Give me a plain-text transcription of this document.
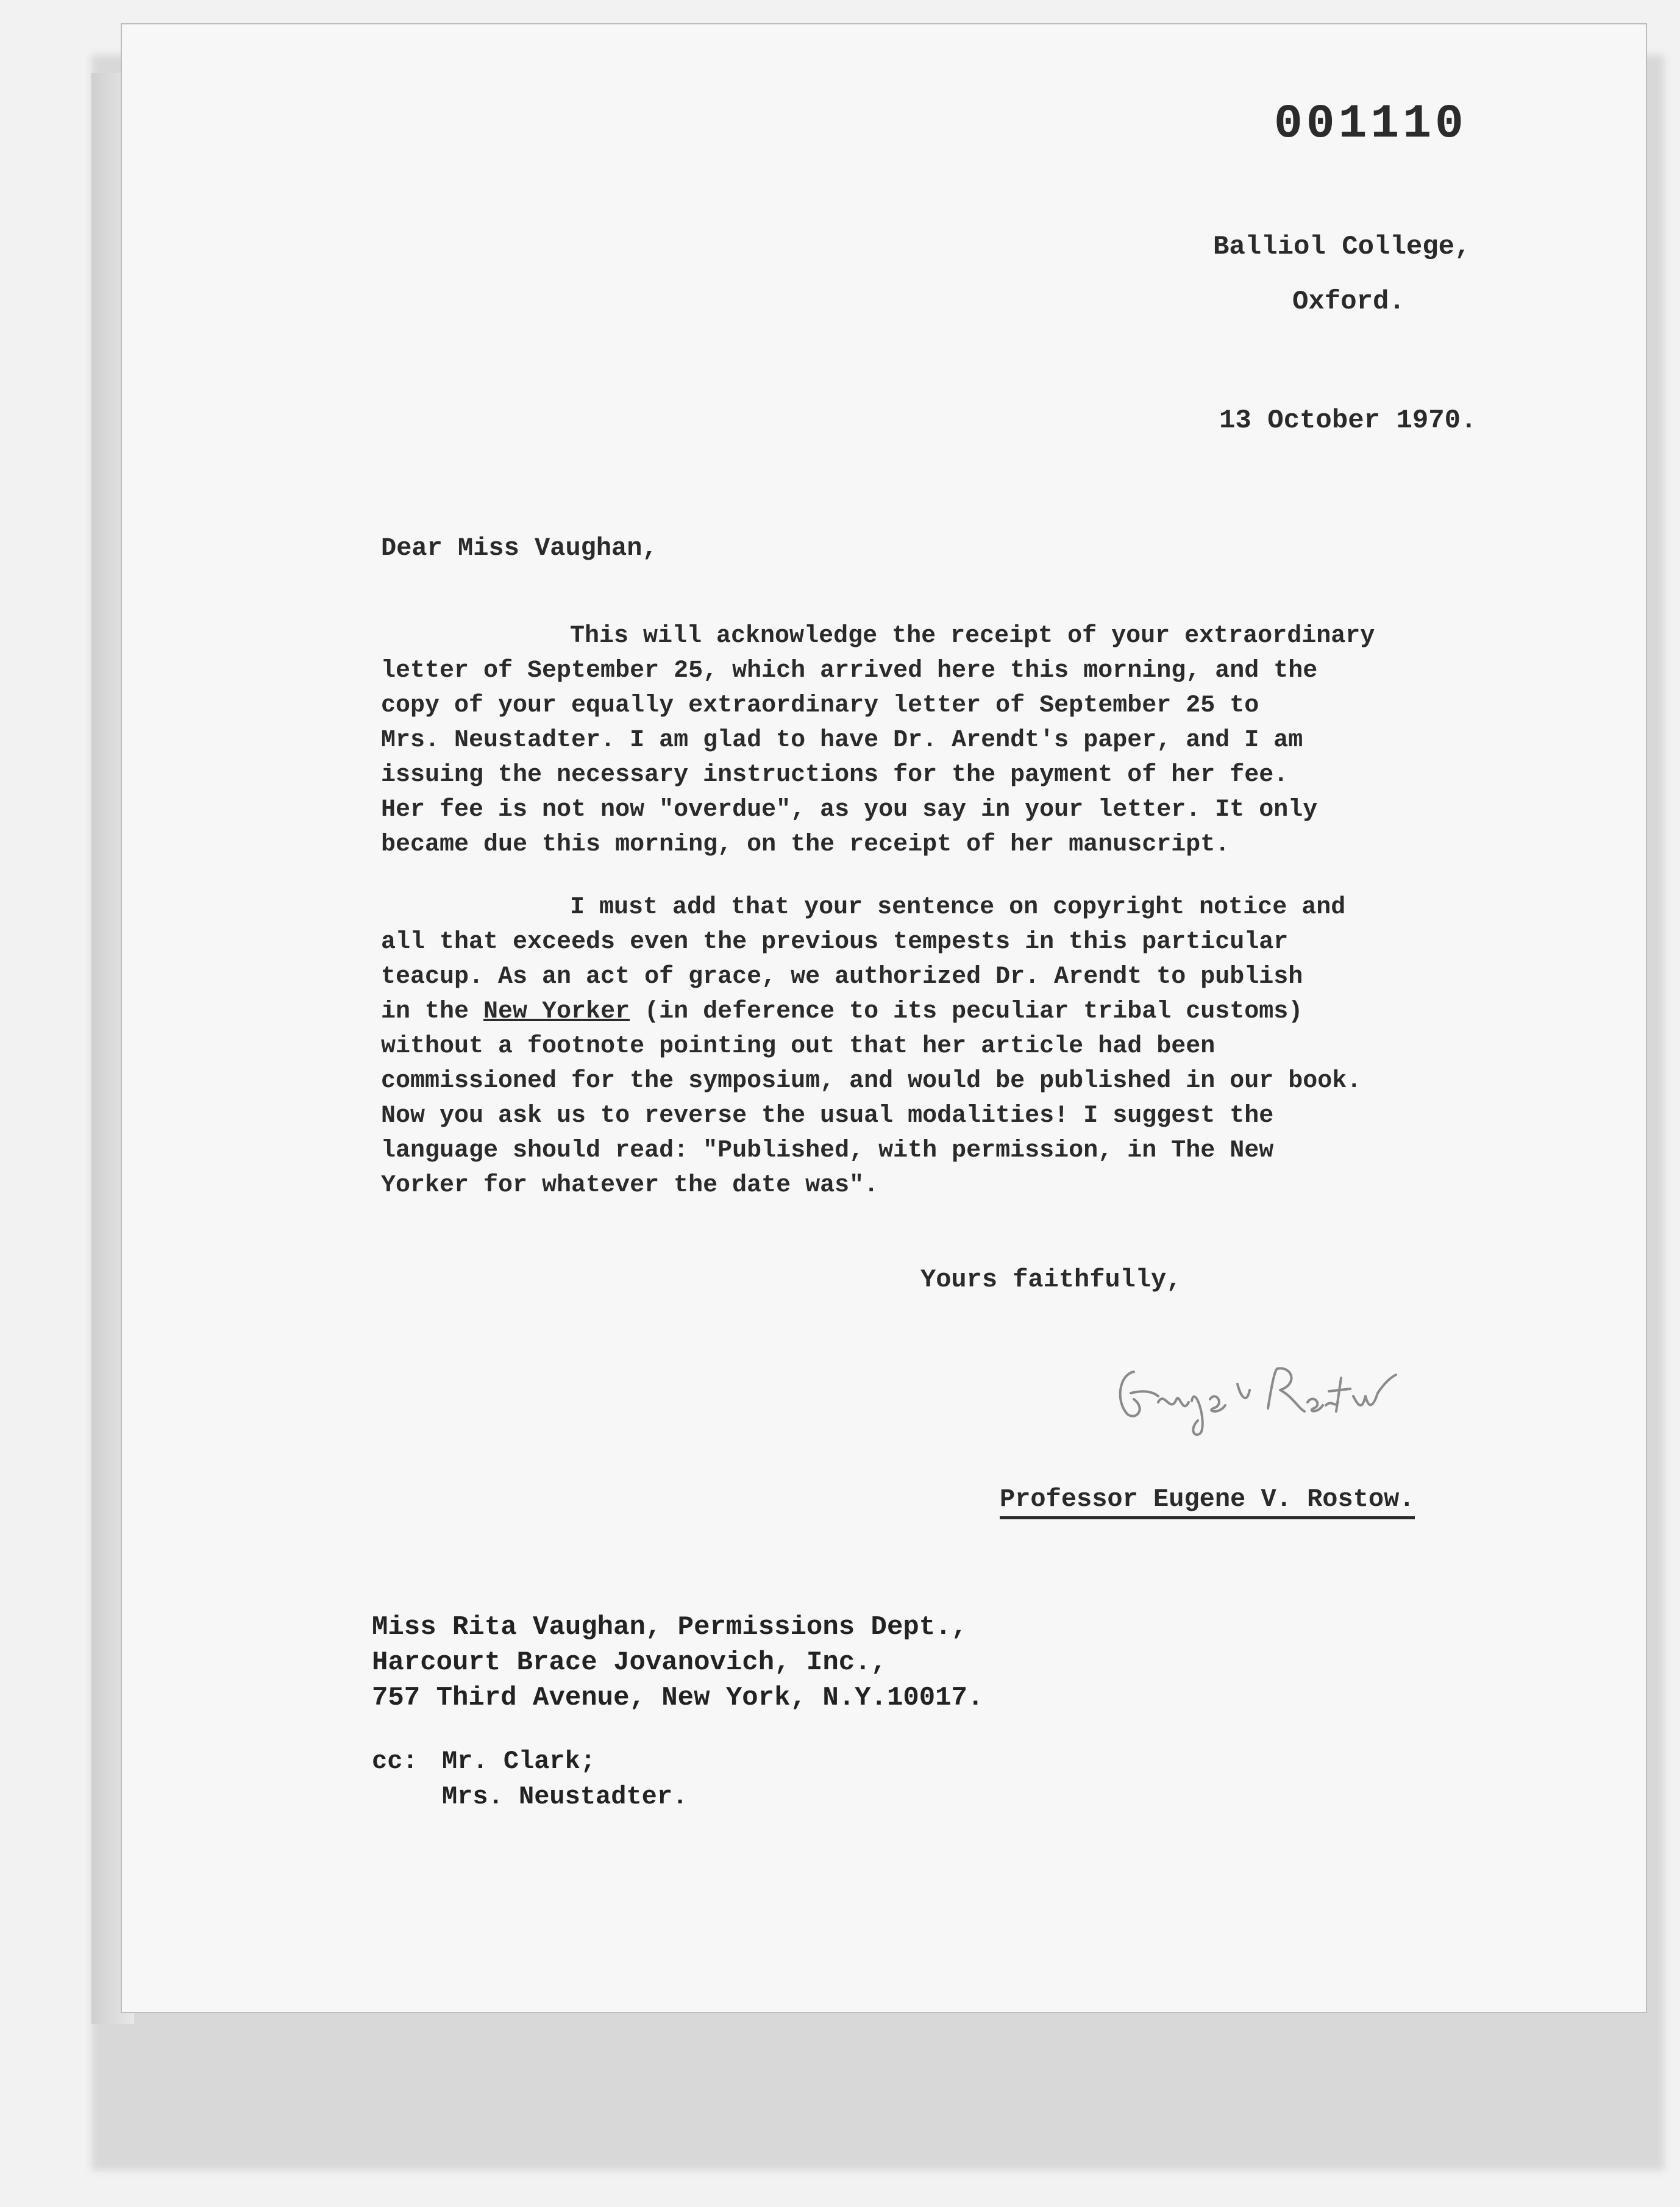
001110
Balliol College,
Oxford.
13 October 1970.
Dear Miss Vaughan,
This will acknowledge the receipt of your extraordinary
letter of September 25, which arrived here this morning, and the
copy of your equally extraordinary letter of September 25 to
Mrs. Neustadter. I am glad to have Dr. Arendt's paper, and I am
issuing the necessary instructions for the payment of her fee.
Her fee is not now "overdue", as you say in your letter. It only
became due this morning, on the receipt of her manuscript.
I must add that your sentence on copyright notice and
all that exceeds even the previous tempests in this particular
teacup. As an act of grace, we authorized Dr. Arendt to publish
in the New Yorker (in deference to its peculiar tribal customs)
without a footnote pointing out that her article had been
commissioned for the symposium, and would be published in our book.
Now you ask us to reverse the usual modalities! I suggest the
language should read: "Published, with permission, in The New
Yorker for whatever the date was".
Yours faithfully,
Professor Eugene V. Rostow.
Miss Rita Vaughan, Permissions Dept.,
Harcourt Brace Jovanovich, Inc.,
757 Third Avenue, New York, N.Y.10017.
cc: Mr. Clark;
Mrs. Neustadter.
